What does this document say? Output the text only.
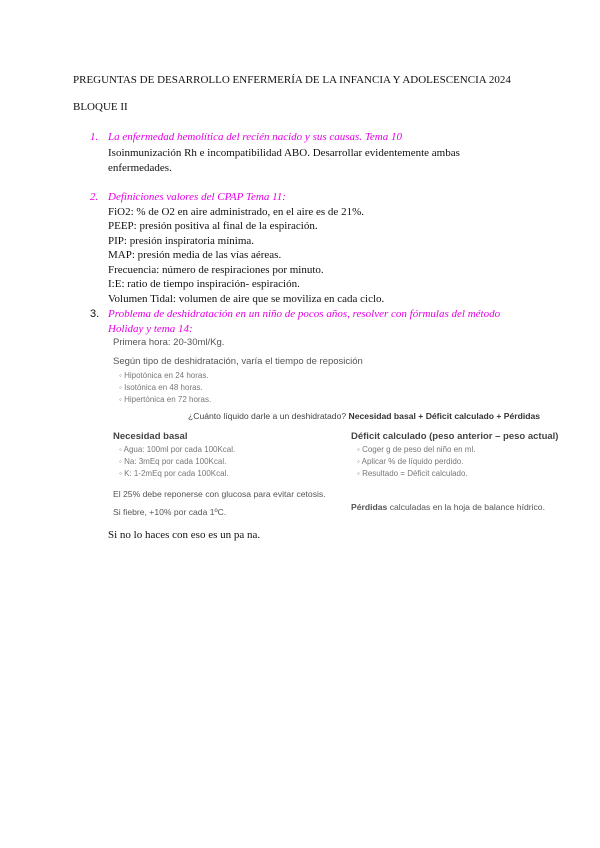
PREGUNTAS DE DESARROLLO ENFERMERÍA DE LA INFANCIA Y ADOLESCENCIA 2024
BLOQUE II
1. La enfermedad hemolítica del recién nacido y sus causas. Tema 10
Isoinmunización Rh e incompatibilidad ABO. Desarrollar evidentemente ambas
enfermedades.
2. Definiciones valores del CPAP Tema 11:
FiO2: % de O2 en aire administrado, en el aire es de 21%.
PEEP: presión positiva al final de la espiración.
PIP: presión inspiratoria mínima.
MAP: presión media de las vías aéreas.
Frecuencia: número de respiraciones por minuto.
I:E: ratio de tiempo inspiración- espiración.
Volumen Tidal: volumen de aire que se moviliza en cada ciclo.
3. Problema de deshidratación en un niño de pocos años, resolver con fórmulas del método
Holiday y tema 14:
Primera hora: 20-30ml/Kg.
Según tipo de deshidratación, varía el tiempo de reposición
◦ Hipotónica en 24 horas.
◦ Isotónica en 48 horas.
◦ Hipertónica en 72 horas.
¿Cuánto líquido darle a un deshidratado? Necesidad basal + Déficit calculado + Pérdidas
Necesidad basal
◦ Agua: 100ml por cada 100Kcal.
◦ Na: 3mEq por cada 100Kcal.
◦ K: 1-2mEq por cada 100Kcal.
Déficit calculado (peso anterior – peso actual)
◦ Coger g de peso del niño en ml.
◦ Aplicar % de líquido perdido.
◦ Resultado = Déficit calculado.
El 25% debe reponerse con glucosa para evitar cetosis.
Si fiebre, +10% por cada 1ºC.	Pérdidas calculadas en la hoja de balance hídrico.
Si no lo haces con eso es un pa na.
